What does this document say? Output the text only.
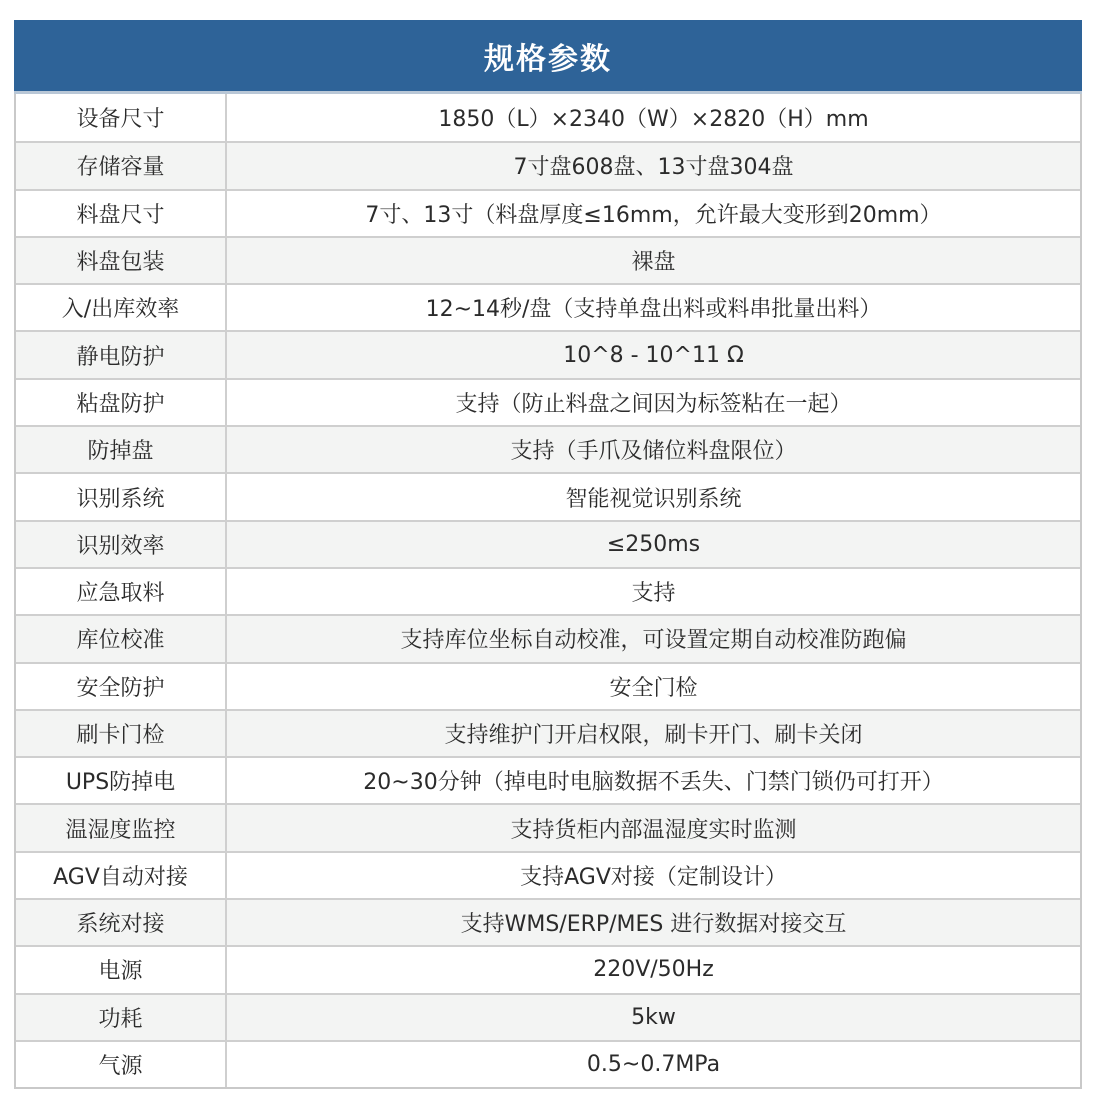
规格参数
设备尺寸	1850（L）×2340（W）×2820（H）mm
存储容量	7寸盘608盘、13寸盘304盘
料盘尺寸	7寸、13寸（料盘厚度≤16mm，允许最大变形到20mm）
料盘包装	裸盘
入/出库效率	12~14秒/盘（支持单盘出料或料串批量出料）
静电防护	10^8 - 10^11 Ω
粘盘防护	支持（防止料盘之间因为标签粘在一起）
防掉盘	支持（手爪及储位料盘限位）
识别系统	智能视觉识别系统
识别效率	≤250ms
应急取料	支持
库位校准	支持库位坐标自动校准，可设置定期自动校准防跑偏
安全防护	安全门检
刷卡门检	支持维护门开启权限，刷卡开门、刷卡关闭
UPS防掉电	20~30分钟（掉电时电脑数据不丢失、门禁门锁仍可打开）
温湿度监控	支持货柜内部温湿度实时监测
AGV自动对接	支持AGV对接（定制设计）
系统对接	支持WMS/ERP/MES 进行数据对接交互
电源	220V/50Hz
功耗	5kw
气源	0.5~0.7MPa
